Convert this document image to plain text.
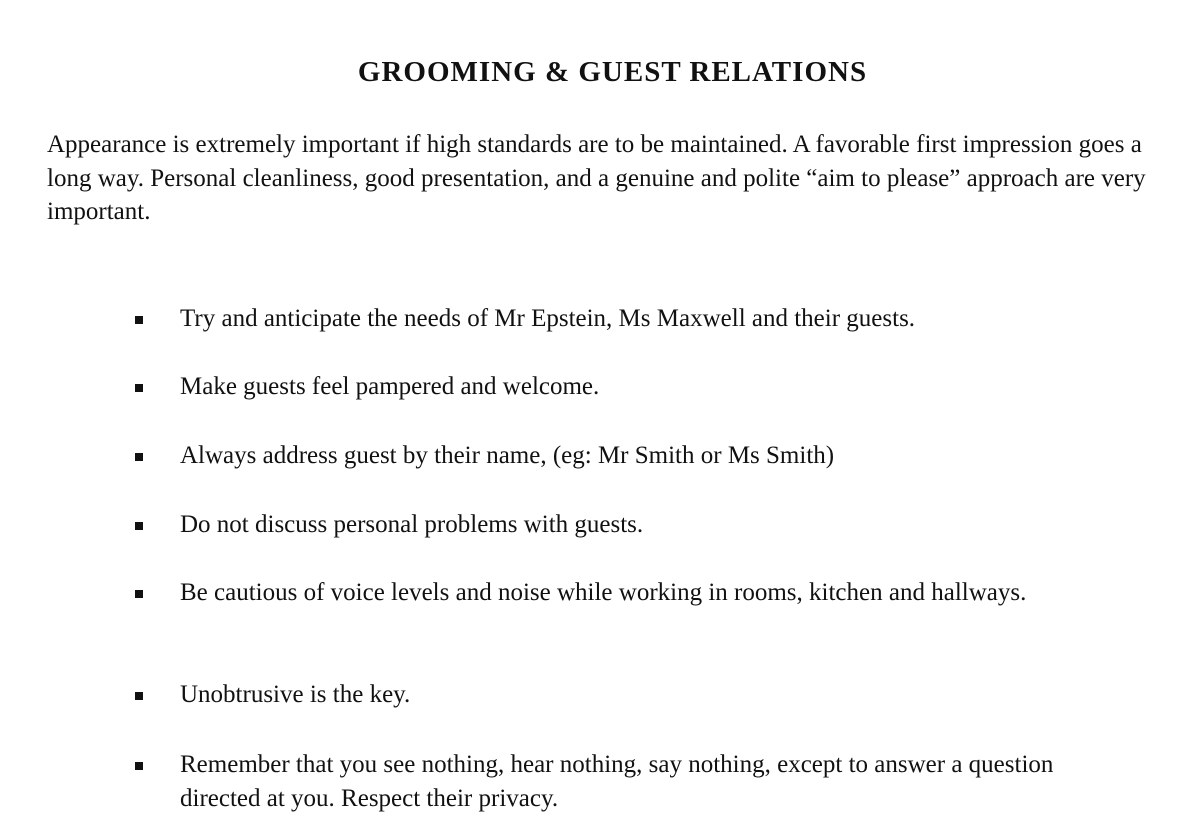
GROOMING & GUEST RELATIONS

Appearance is extremely important if high standards are to be maintained. A favorable first impression goes a long way. Personal cleanliness, good presentation, and a genuine and polite “aim to please” approach are very important.

Try and anticipate the needs of Mr Epstein, Ms Maxwell and their guests.
Make guests feel pampered and welcome.
Always address guest by their name, (eg: Mr Smith or Ms Smith)
Do not discuss personal problems with guests.
Be cautious of voice levels and noise while working in rooms, kitchen and hallways.
Unobtrusive is the key.
Remember that you see nothing, hear nothing, say nothing, except to answer a question directed at you. Respect their privacy.
